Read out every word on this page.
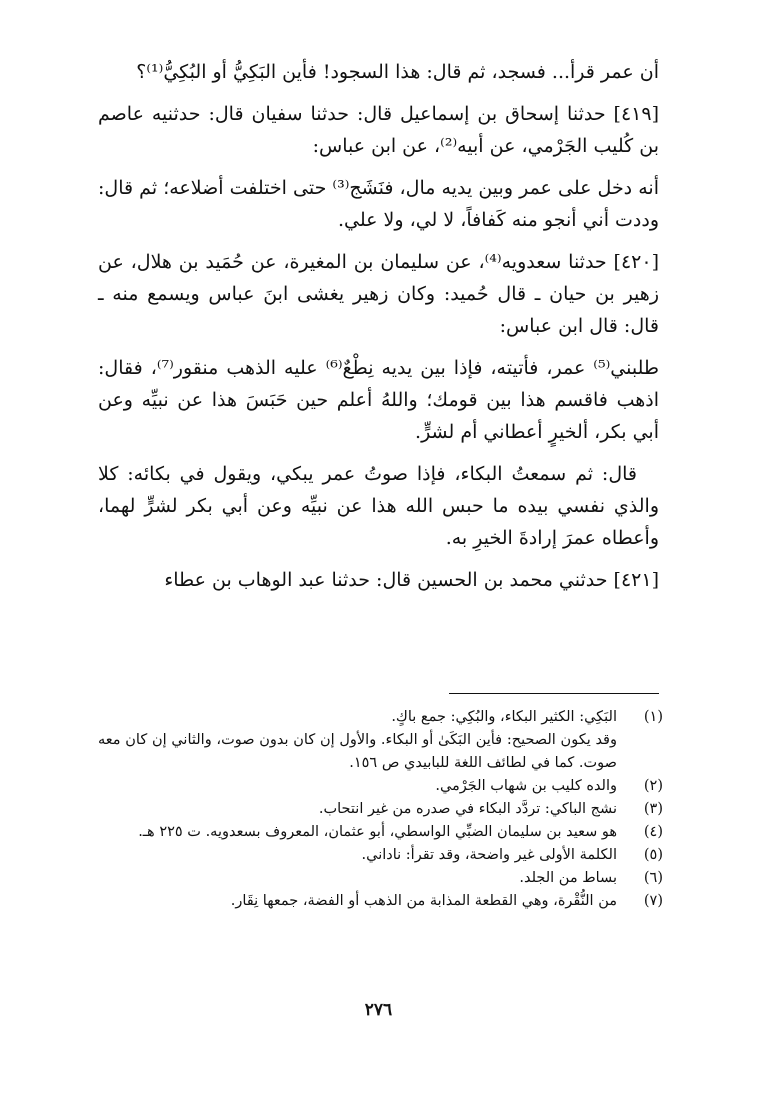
أن عمر قرأ... فسجد، ثم قال: هذا السجود! فأين البَكِيُّ أو البُكِيُّ⁽¹⁾؟

[٤١٩] حدثنا إسحاق بن إسماعيل قال: حدثنا سفيان قال: حدثنيه عاصم بن كُليب الجَرْمي، عن أبيه⁽²⁾، عن ابن عباس:

أنه دخل على عمر وبين يديه مال، فنَشَج⁽³⁾ حتى اختلفت أضلاعه؛ ثم قال: وددت أني أنجو منه كَفافاً، لا لي، ولا علي.

[٤٢٠] حدثنا سعدويه⁽⁴⁾، عن سليمان بن المغيرة، عن حُمَيد بن هلال، عن زهير بن حيان ـ قال حُميد: وكان زهير يغشى ابنَ عباس ويسمع منه ـ قال: قال ابن عباس:

طلبني⁽⁵⁾ عمر، فأتيته، فإذا بين يديه نِطْعٌ⁽⁶⁾ عليه الذهب منقور⁽⁷⁾، فقال: اذهب فاقسم هذا بين قومك؛ واللهُ أعلم حين حَبَسَ هذا عن نبيِّه وعن أبي بكر، ألخيرٍ أعطاني أم لشرٍّ.

قال: ثم سمعتُ البكاء، فإذا صوتُ عمر يبكي، ويقول في بكائه: كلا والذي نفسي بيده ما حبس الله هذا عن نبيِّه وعن أبي بكر لشرٍّ لهما، وأعطاه عمرَ إرادةَ الخيرِ به.

[٤٢١] حدثني محمد بن الحسين قال: حدثنا عبد الوهاب بن عطاء

(١)
البَكِي: الكثير البكاء، والبُكِي: جمع باكٍ.
وقد يكون الصحيح: فأين البَكَىٰ أو البكاء. والأول إن كان بدون صوت، والثاني إن كان معه صوت. كما في لطائف اللغة للبابيدي ص ١٥٦.
(٢)
والده كليب بن شهاب الجَرْمي.
(٣)
نشج الباكي: تردَّد البكاء في صدره من غير انتحاب.
(٤)
هو سعيد بن سليمان الضبِّي الواسطي، أبو عثمان، المعروف بسعدويه. ت ٢٢٥ هـ.
(٥)
الكلمة الأولى غير واضحة، وقد تقرأ: ناداني.
(٦)
بساط من الجلد.
(٧)
من النُّقْرة، وهي القطعة المذابة من الذهب أو الفضة، جمعها نِقَار.
٢٧٦
